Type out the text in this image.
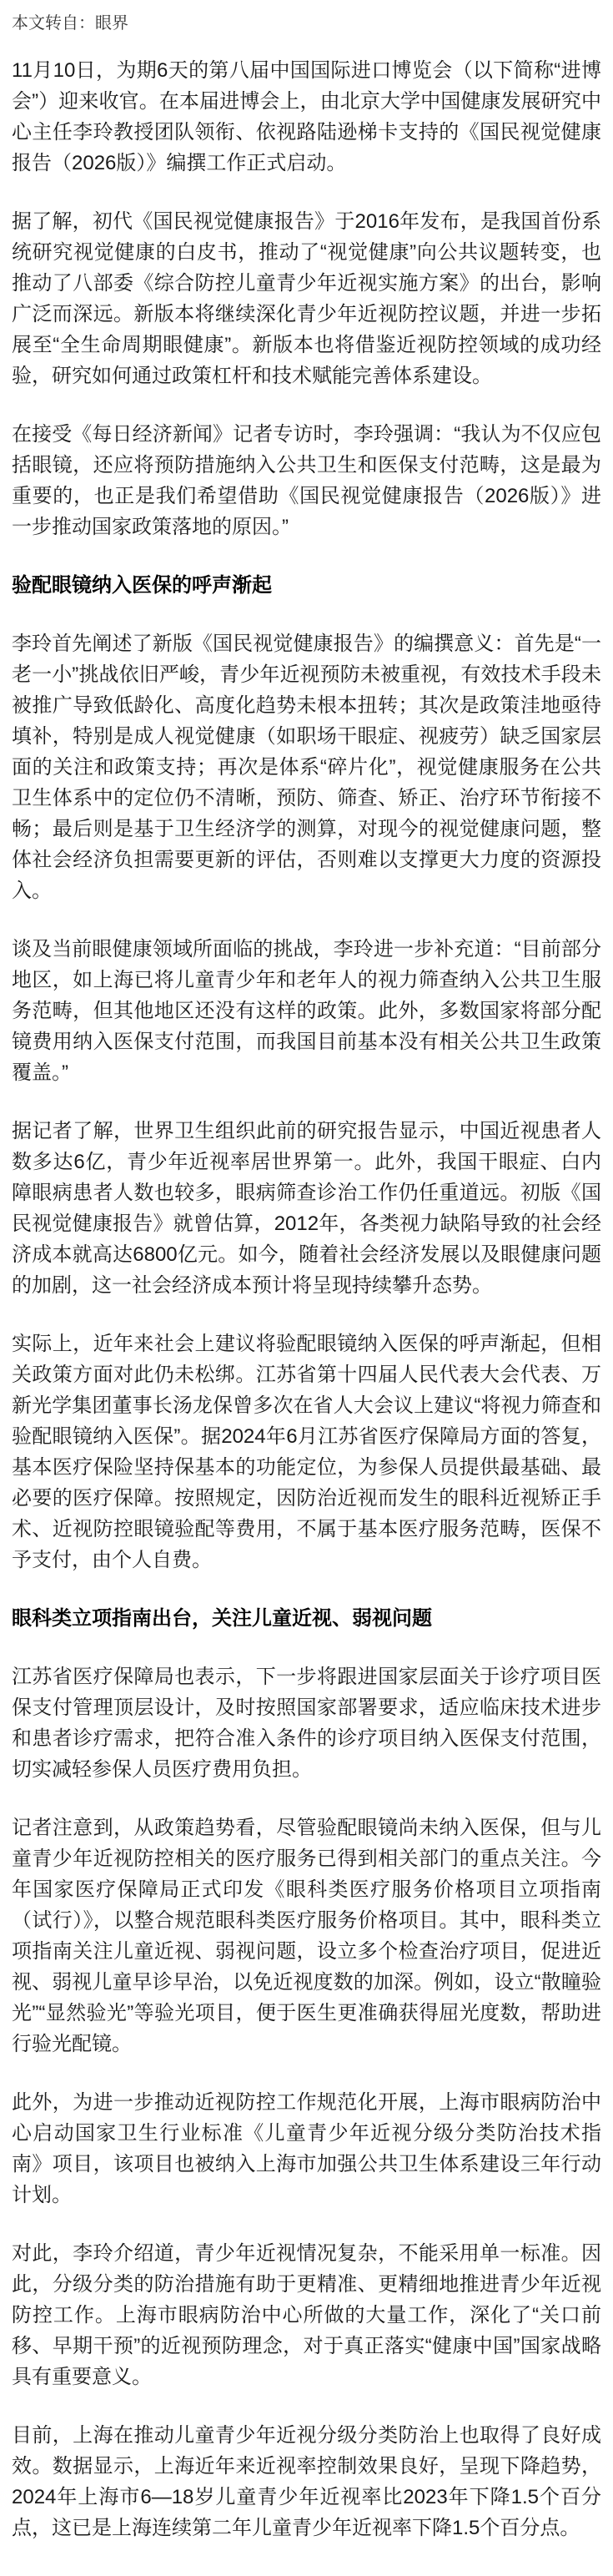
本文转自：眼界

11月10日，为期6天的第八届中国国际进口博览会（以下简称“进博会”）迎来收官。在本届进博会上，由北京大学中国健康发展研究中心主任李玲教授团队领衔、依视路陆逊梯卡支持的《国民视觉健康报告（2026版）》编撰工作正式启动。

据了解，初代《国民视觉健康报告》于2016年发布，是我国首份系统研究视觉健康的白皮书，推动了“视觉健康”向公共议题转变，也推动了八部委《综合防控儿童青少年近视实施方案》的出台，影响广泛而深远。新版本将继续深化青少年近视防控议题，并进一步拓展至“全生命周期眼健康”。新版本也将借鉴近视防控领域的成功经验，研究如何通过政策杠杆和技术赋能完善体系建设。

在接受《每日经济新闻》记者专访时，李玲强调：“我认为不仅应包括眼镜，还应将预防措施纳入公共卫生和医保支付范畴，这是最为重要的，也正是我们希望借助《国民视觉健康报告（2026版）》进一步推动国家政策落地的原因。”

验配眼镜纳入医保的呼声渐起

李玲首先阐述了新版《国民视觉健康报告》的编撰意义：首先是“一老一小”挑战依旧严峻，青少年近视预防未被重视，有效技术手段未被推广导致低龄化、高度化趋势未根本扭转；其次是政策洼地亟待填补，特别是成人视觉健康（如职场干眼症、视疲劳）缺乏国家层面的关注和政策支持；再次是体系“碎片化”，视觉健康服务在公共卫生体系中的定位仍不清晰，预防、筛查、矫正、治疗环节衔接不畅；最后则是基于卫生经济学的测算，对现今的视觉健康问题，整体社会经济负担需要更新的评估，否则难以支撑更大力度的资源投入。

谈及当前眼健康领域所面临的挑战，李玲进一步补充道：“目前部分地区，如上海已将儿童青少年和老年人的视力筛查纳入公共卫生服务范畴，但其他地区还没有这样的政策。此外，多数国家将部分配镜费用纳入医保支付范围，而我国目前基本没有相关公共卫生政策覆盖。”

据记者了解，世界卫生组织此前的研究报告显示，中国近视患者人数多达6亿，青少年近视率居世界第一。此外，我国干眼症、白内障眼病患者人数也较多，眼病筛查诊治工作仍任重道远。初版《国民视觉健康报告》就曾估算，2012年，各类视力缺陷导致的社会经济成本就高达6800亿元。如今，随着社会经济发展以及眼健康问题的加剧，这一社会经济成本预计将呈现持续攀升态势。

实际上，近年来社会上建议将验配眼镜纳入医保的呼声渐起，但相关政策方面对此仍未松绑。江苏省第十四届人民代表大会代表、万新光学集团董事长汤龙保曾多次在省人大会议上建议“将视力筛查和验配眼镜纳入医保”。据2024年6月江苏省医疗保障局方面的答复，基本医疗保险坚持保基本的功能定位，为参保人员提供最基础、最必要的医疗保障。按照规定，因防治近视而发生的眼科近视矫正手术、近视防控眼镜验配等费用，不属于基本医疗服务范畴，医保不予支付，由个人自费。

眼科类立项指南出台，关注儿童近视、弱视问题

江苏省医疗保障局也表示，下一步将跟进国家层面关于诊疗项目医保支付管理顶层设计，及时按照国家部署要求，适应临床技术进步和患者诊疗需求，把符合准入条件的诊疗项目纳入医保支付范围，切实减轻参保人员医疗费用负担。

记者注意到，从政策趋势看，尽管验配眼镜尚未纳入医保，但与儿童青少年近视防控相关的医疗服务已得到相关部门的重点关注。今年国家医疗保障局正式印发《眼科类医疗服务价格项目立项指南（试行）》，以整合规范眼科类医疗服务价格项目。其中，眼科类立项指南关注儿童近视、弱视问题，设立多个检查治疗项目，促进近视、弱视儿童早诊早治，以免近视度数的加深。例如，设立“散瞳验光”“显然验光”等验光项目，便于医生更准确获得屈光度数，帮助进行验光配镜。

此外，为进一步推动近视防控工作规范化开展，上海市眼病防治中心启动国家卫生行业标准《儿童青少年近视分级分类防治技术指南》项目，该项目也被纳入上海市加强公共卫生体系建设三年行动计划。

对此，李玲介绍道，青少年近视情况复杂，不能采用单一标准。因此，分级分类的防治措施有助于更精准、更精细地推进青少年近视防控工作。上海市眼病防治中心所做的大量工作，深化了“关口前移、早期干预”的近视预防理念，对于真正落实“健康中国”国家战略具有重要意义。

目前，上海在推动儿童青少年近视分级分类防治上也取得了良好成效。数据显示，上海近年来近视率控制效果良好，呈现下降趋势，2024年上海市6—18岁儿童青少年近视率比2023年下降1.5个百分点，这已是上海连续第二年儿童青少年近视率下降1.5个百分点。
